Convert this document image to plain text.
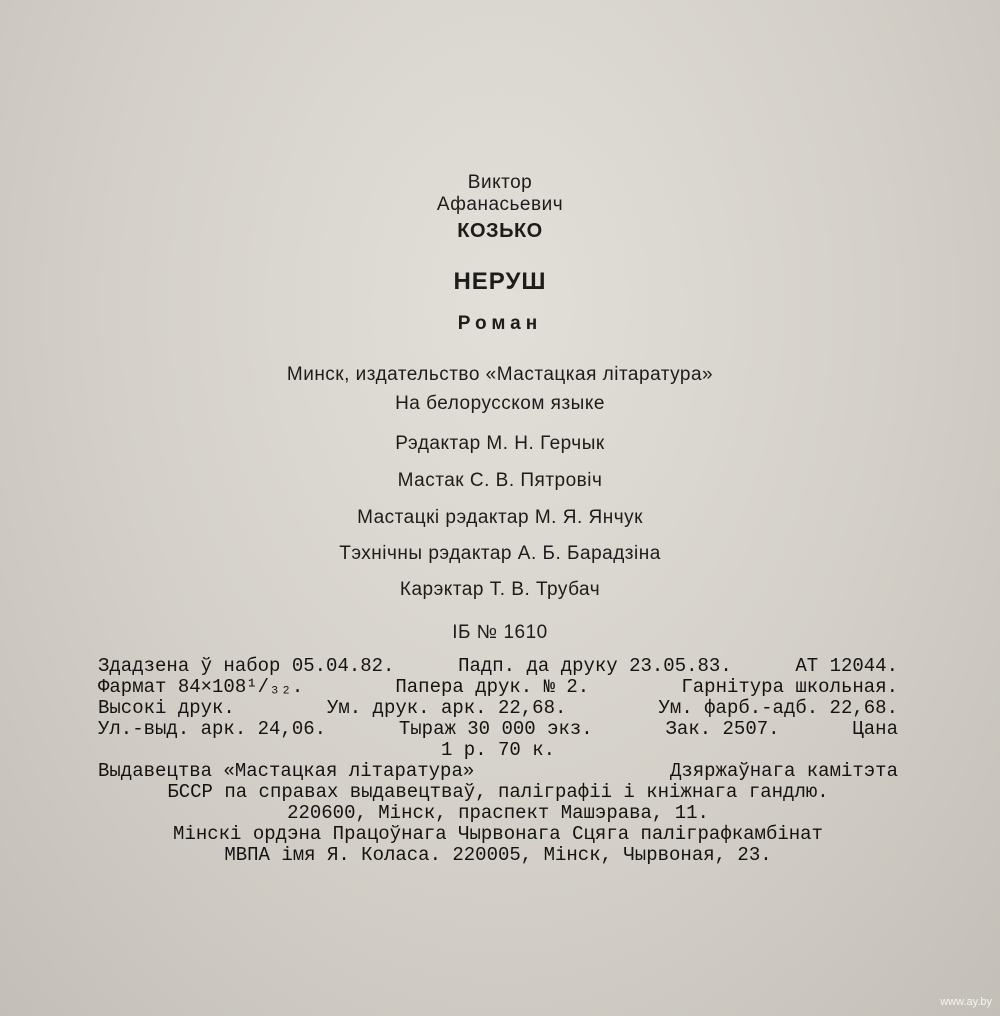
Виктор
Афанасьевич
КОЗЬКО
НЕРУШ
Роман
Минск, издательство «Мастацкая літаратура»
На белорусском языке
Рэдактар М. Н. Герчык
Мастак С. В. Пятровіч
Мастацкі рэдактар М. Я. Янчук
Тэхнічны рэдактар А. Б. Барадзіна
Карэктар Т. В. Трубач
ІБ № 1610
Здадзена ў набор 05.04.82.	Падп. да друку 23.05.83.	АТ 12044.
Фармат 84×108¹/₃₂.	Папера друк. № 2.	Гарнітура школьная.
Высокі друк.	Ум. друк. арк. 22,68.	Ум. фарб.-адб. 22,68.
Ул.-выд. арк. 24,06.	Тыраж 30 000 экз.	Зак. 2507.	Цана
1 р. 70 к.
Выдавецтва «Мастацкая літаратура»	Дзяржаўнага камітэта
БССР па справах выдавецтваў, паліграфіі і кніжнага гандлю.
220600, Мінск, праспект Машэрава, 11.
Мінскі ордэна Працоўнага Чырвонага Сцяга паліграфкамбінат
МВПА імя Я. Коласа. 220005, Мінск, Чырвоная, 23.
www.ay.by
